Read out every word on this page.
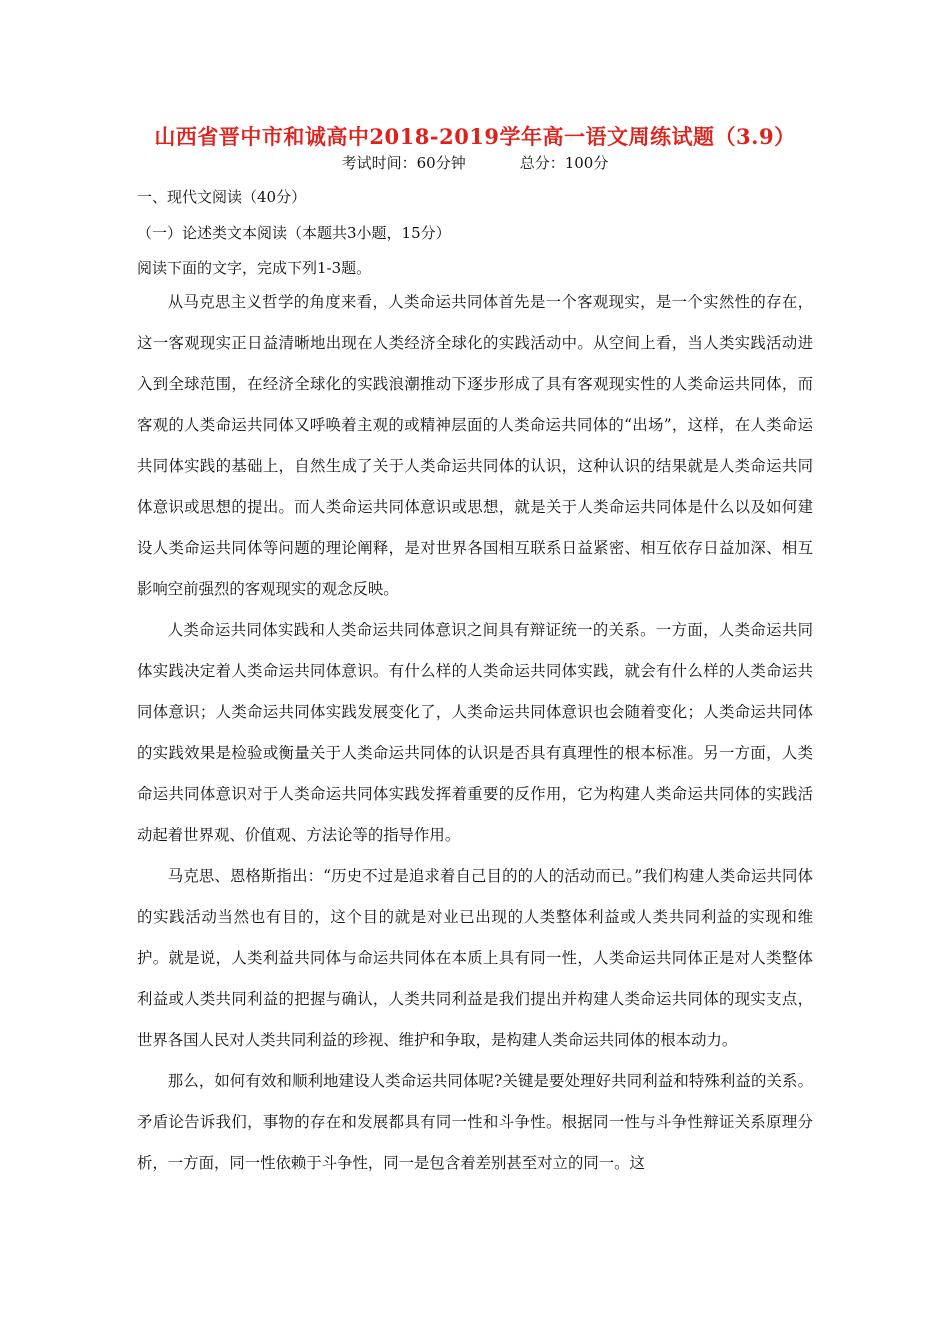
山西省晋中市和诚高中2018-2019学年高一语文周练试题（3.9）
考试时间：60分钟	总分：100分
一、现代文阅读（40分）
（一）论述类文本阅读（本题共3小题，15分）
阅读下面的文字，完成下列1-3题。

从马克思主义哲学的角度来看，人类命运共同体首先是一个客观现实，是一个实然性的存在，这一客观现实正日益清晰地出现在人类经济全球化的实践活动中。从空间上看，当人类实践活动进入到全球范围，在经济全球化的实践浪潮推动下逐步形成了具有客观现实性的人类命运共同体，而客观的人类命运共同体又呼唤着主观的或精神层面的人类命运共同体的“出场”，这样，在人类命运共同体实践的基础上，自然生成了关于人类命运共同体的认识，这种认识的结果就是人类命运共同体意识或思想的提出。而人类命运共同体意识或思想，就是关于人类命运共同体是什么以及如何建设人类命运共同体等问题的理论阐释，是对世界各国相互联系日益紧密、相互依存日益加深、相互影响空前强烈的客观现实的观念反映。

人类命运共同体实践和人类命运共同体意识之间具有辩证统一的关系。一方面，人类命运共同体实践决定着人类命运共同体意识。有什么样的人类命运共同体实践，就会有什么样的人类命运共同体意识；人类命运共同体实践发展变化了，人类命运共同体意识也会随着变化；人类命运共同体的实践效果是检验或衡量关于人类命运共同体的认识是否具有真理性的根本标准。另一方面，人类命运共同体意识对于人类命运共同体实践发挥着重要的反作用，它为构建人类命运共同体的实践活动起着世界观、价值观、方法论等的指导作用。

马克思、恩格斯指出：“历史不过是追求着自己目的的人的活动而已。”我们构建人类命运共同体的实践活动当然也有目的，这个目的就是对业已出现的人类整体利益或人类共同利益的实现和维护。就是说，人类利益共同体与命运共同体在本质上具有同一性，人类命运共同体正是对人类整体利益或人类共同利益的把握与确认，人类共同利益是我们提出并构建人类命运共同体的现实支点，世界各国人民对人类共同利益的珍视、维护和争取，是构建人类命运共同体的根本动力。

那么，如何有效和顺利地建设人类命运共同体呢?关键是要处理好共同利益和特殊利益的关系。矛盾论告诉我们，事物的存在和发展都具有同一性和斗争性。根据同一性与斗争性辩证关系原理分析，一方面，同一性依赖于斗争性，同一是包含着差别甚至对立的同一。这
